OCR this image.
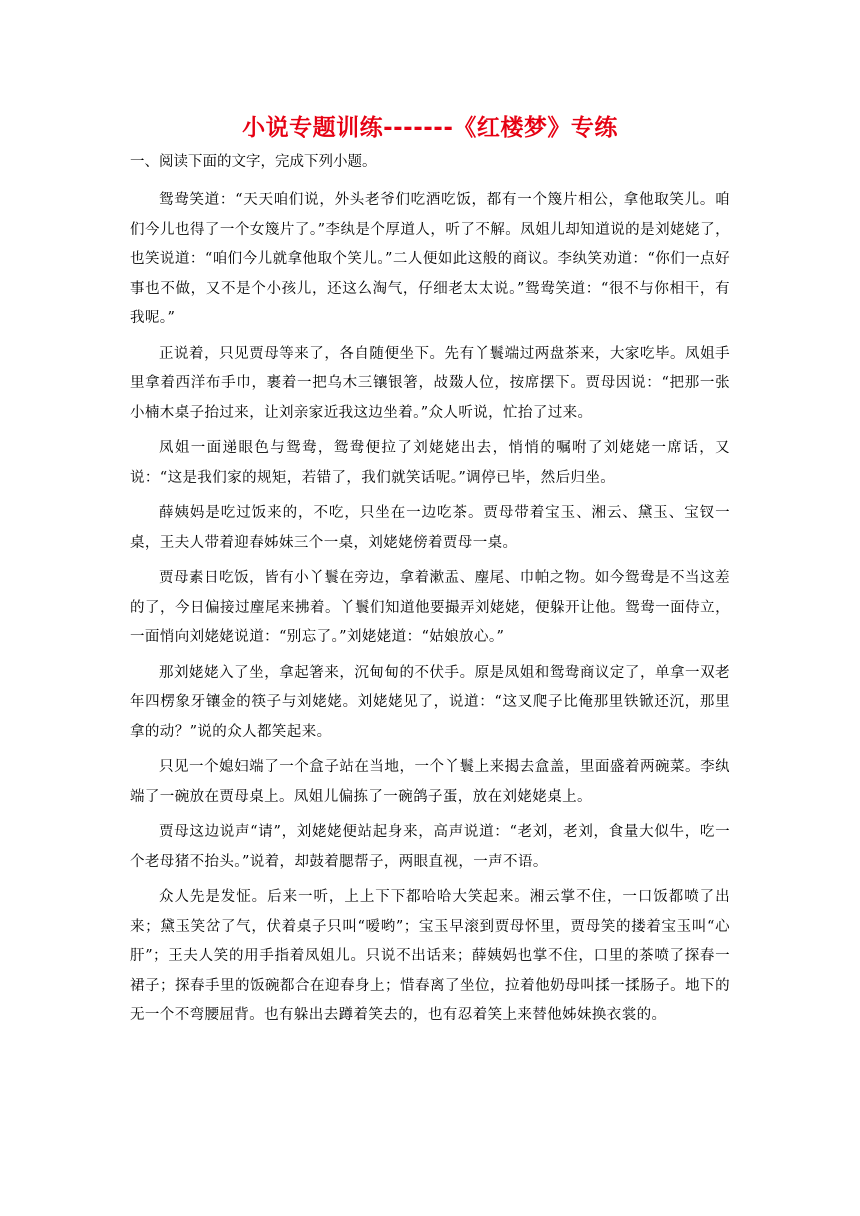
小说专题训练-------《红楼梦》专练
一、阅读下面的文字，完成下列小题。

鸳鸯笑道：“天天咱们说，外头老爷们吃酒吃饭，都有一个篾片相公，拿他取笑儿。咱们今儿也得了一个女篾片了。”李纨是个厚道人，听了不解。凤姐儿却知道说的是刘姥姥了，也笑说道：“咱们今儿就拿他取个笑儿。”二人便如此这般的商议。李纨笑劝道：“你们一点好事也不做，又不是个小孩儿，还这么淘气，仔细老太太说。”鸳鸯笑道：“很不与你相干，有我呢。”

正说着，只见贾母等来了，各自随便坐下。先有丫鬟端过两盘茶来，大家吃毕。凤姐手里拿着西洋布手巾，裹着一把乌木三镶银箸，敁敠人位，按席摆下。贾母因说：“把那一张小楠木桌子抬过来，让刘亲家近我这边坐着。”众人听说，忙抬了过来。

凤姐一面递眼色与鸳鸯，鸳鸯便拉了刘姥姥出去，悄悄的嘱咐了刘姥姥一席话，又说：“这是我们家的规矩，若错了，我们就笑话呢。”调停已毕，然后归坐。

薛姨妈是吃过饭来的，不吃，只坐在一边吃茶。贾母带着宝玉、湘云、黛玉、宝钗一桌，王夫人带着迎春姊妹三个一桌，刘姥姥傍着贾母一桌。

贾母素日吃饭，皆有小丫鬟在旁边，拿着漱盂、麈尾、巾帕之物。如今鸳鸯是不当这差的了，今日偏接过麈尾来拂着。丫鬟们知道他要撮弄刘姥姥，便躲开让他。鸳鸯一面侍立，一面悄向刘姥姥说道：“别忘了。”刘姥姥道：“姑娘放心。”

那刘姥姥入了坐，拿起箸来，沉甸甸的不伏手。原是凤姐和鸳鸯商议定了，单拿一双老年四楞象牙镶金的筷子与刘姥姥。刘姥姥见了，说道：“这叉爬子比俺那里铁锨还沉，那里拿的动？”说的众人都笑起来。

只见一个媳妇端了一个盒子站在当地，一个丫鬟上来揭去盒盖，里面盛着两碗菜。李纨端了一碗放在贾母桌上。凤姐儿偏拣了一碗鸽子蛋，放在刘姥姥桌上。

贾母这边说声“请”，刘姥姥便站起身来，高声说道：“老刘，老刘，食量大似牛，吃一个老母猪不抬头。”说着，却鼓着腮帮子，两眼直视，一声不语。

众人先是发怔。后来一听，上上下下都哈哈大笑起来。湘云掌不住，一口饭都喷了出来；黛玉笑岔了气，伏着桌子只叫“嗳哟”；宝玉早滚到贾母怀里，贾母笑的搂着宝玉叫“心肝”；王夫人笑的用手指着凤姐儿。只说不出话来；薛姨妈也掌不住，口里的茶喷了探春一裙子；探春手里的饭碗都合在迎春身上；惜春离了坐位，拉着他奶母叫揉一揉肠子。地下的无一个不弯腰屈背。也有躲出去蹲着笑去的，也有忍着笑上来替他姊妹换衣裳的。
